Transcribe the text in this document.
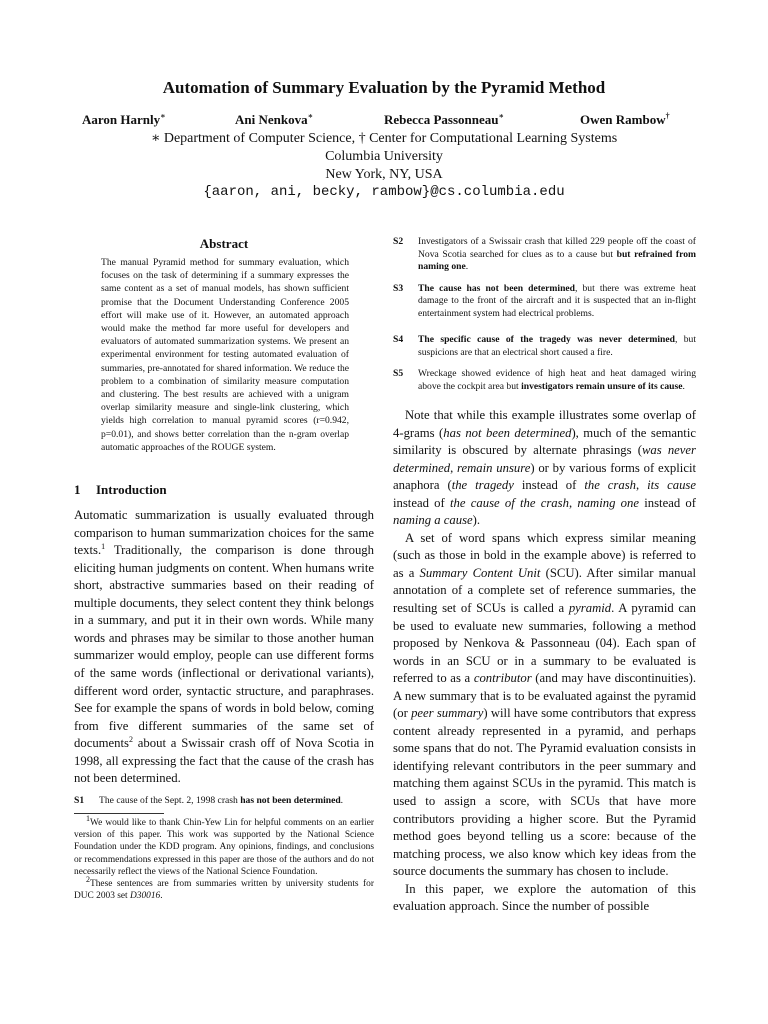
Automation of Summary Evaluation by the Pyramid Method
Aaron Harnly∗	Ani Nenkova∗	Rebecca Passonneau∗	Owen Rambow†
∗ Department of Computer Science, † Center for Computational Learning Systems
Columbia University
New York, NY, USA
{aaron, ani, becky, rambow}@cs.columbia.edu
Abstract
The manual Pyramid method for summary evaluation, which focuses on the task of determining if a summary expresses the same content as a set of manual models, has shown sufficient promise that the Document Understanding Conference 2005 effort will make use of it. However, an automated approach would make the method far more useful for developers and evaluators of automated summarization systems. We present an experimental environment for testing automated evaluation of summaries, pre-annotated for shared information. We reduce the problem to a combination of similarity measure computation and clustering. The best results are achieved with a unigram overlap similarity measure and single-link clustering, which yields high correlation to manual pyramid scores (r=0.942, p=0.01), and shows better correlation than the n-gram overlap automatic approaches of the ROUGE system.
1 Introduction
Automatic summarization is usually evaluated through comparison to human summarization choices for the same texts.$^1$ Traditionally, the comparison is done through eliciting human judgments on content. When humans write short, abstractive summaries based on their reading of multiple documents, they select content they think belongs in a summary, and put it in their own words. While many words and phrases may be similar to those another human summarizer would employ, people can use different forms of the same words (inflectional or derivational variants), different word order, syntactic structure, and paraphrases. See for example the spans of words in bold below, coming from five different summaries of the same set of documents$^2$ about a Swissair crash off of Nova Scotia in 1998, all expressing the fact that the cause of the crash has not been determined.
S1 The cause of the Sept. 2, 1998 crash has not been determined.
$^1$We would like to thank Chin-Yew Lin for helpful comments on an earlier version of this paper. This work was supported by the National Science Foundation under the KDD program. Any opinions, findings, and conclusions or recommendations expressed in this paper are those of the authors and do not necessarily reflect the views of the National Science Foundation.
$^2$These sentences are from summaries written by university students for DUC 2003 set D30016.
S2 Investigators of a Swissair crash that killed 229 people off the coast of Nova Scotia searched for clues as to a cause but but refrained from naming one.
S3 The cause has not been determined, but there was extreme heat damage to the front of the aircraft and it is suspected that an in-flight entertainment system had electrical problems.
S4 The specific cause of the tragedy was never determined, but suspicions are that an electrical short caused a fire.
S5 Wreckage showed evidence of high heat and heat damaged wiring above the cockpit area but investigators remain unsure of its cause.

Note that while this example illustrates some overlap of 4-grams (has not been determined), much of the semantic similarity is obscured by alternate phrasings (was never determined, remain unsure) or by various forms of explicit anaphora (the tragedy instead of the crash, its cause instead of the cause of the crash, naming one instead of naming a cause).

A set of word spans which express similar meaning (such as those in bold in the example above) is referred to as a Summary Content Unit (SCU). After similar manual annotation of a complete set of reference summaries, the resulting set of SCUs is called a pyramid. A pyramid can be used to evaluate new summaries, following a method proposed by Nenkova & Passonneau (04). Each span of words in an SCU or in a summary to be evaluated is referred to as a contributor (and may have discontinuities). A new summary that is to be evaluated against the pyramid (or peer summary) will have some contributors that express content already represented in a pyramid, and perhaps some spans that do not. The Pyramid evaluation consists in identifying relevant contributors in the peer summary and matching them against SCUs in the pyramid. This match is used to assign a score, with SCUs that have more contributors providing a higher score. But the Pyramid method goes beyond telling us a score: because of the matching process, we also know which key ideas from the source documents the summary has chosen to include.

In this paper, we explore the automation of this evaluation approach. Since the number of possible
